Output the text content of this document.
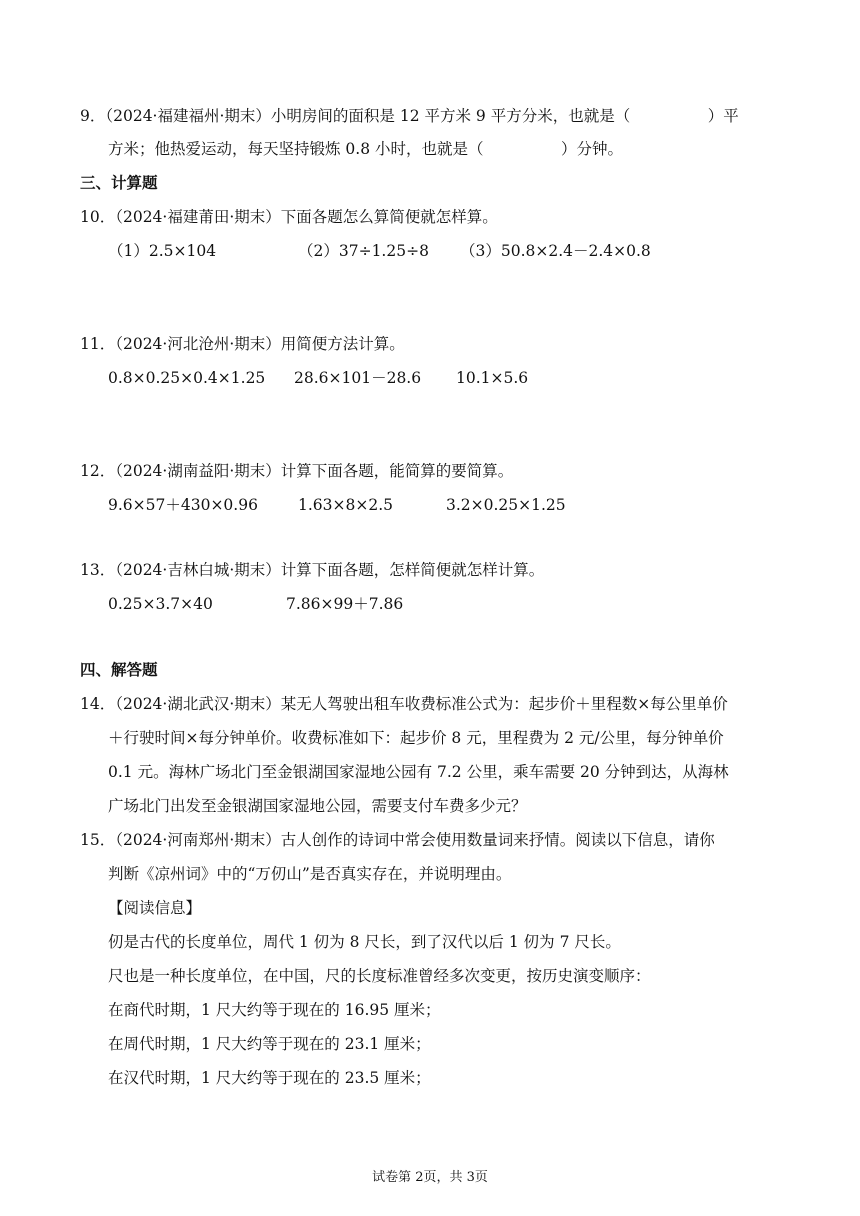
9．（2024·福建福州·期末）小明房间的面积是 12 平方米 9 平方分米，也就是（　　　　　）平
方米；他热爱运动，每天坚持锻炼 0.8 小时，也就是（　　　　　）分钟。
三、计算题
10．（2024·福建莆田·期末）下面各题怎么算简便就怎样算。
（1）2.5×104	（2）37÷1.25÷8 （3）50.8×2.4－2.4×0.8
11．（2024·河北沧州·期末）用简便方法计算。
0.8×0.25×0.4×1.25 28.6×101－28.6 10.1×5.6
12．（2024·湖南益阳·期末）计算下面各题，能简算的要简算。
9.6×57＋430×0.96	1.63×8×2.5	3.2×0.25×1.25
13．（2024·吉林白城·期末）计算下面各题，怎样简便就怎样计算。
0.25×3.7×40	7.86×99＋7.86
四、解答题
14．（2024·湖北武汉·期末）某无人驾驶出租车收费标准公式为：起步价＋里程数×每公里单价
＋行驶时间×每分钟单价。收费标准如下：起步价 8 元，里程费为 2 元/公里，每分钟单价
0.1 元。海林广场北门至金银湖国家湿地公园有 7.2 公里，乘车需要 20 分钟到达，从海林
广场北门出发至金银湖国家湿地公园，需要支付车费多少元？
15．（2024·河南郑州·期末）古人创作的诗词中常会使用数量词来抒情。阅读以下信息，请你
判断《凉州词》中的“万仞山”是否真实存在，并说明理由。
【阅读信息】
仞是古代的长度单位，周代 1 仞为 8 尺长，到了汉代以后 1 仞为 7 尺长。
尺也是一种长度单位，在中国，尺的长度标准曾经多次变更，按历史演变顺序：
在商代时期，1 尺大约等于现在的 16.95 厘米；
在周代时期，1 尺大约等于现在的 23.1 厘米；
在汉代时期，1 尺大约等于现在的 23.5 厘米；
试卷第 2页，共 3页
